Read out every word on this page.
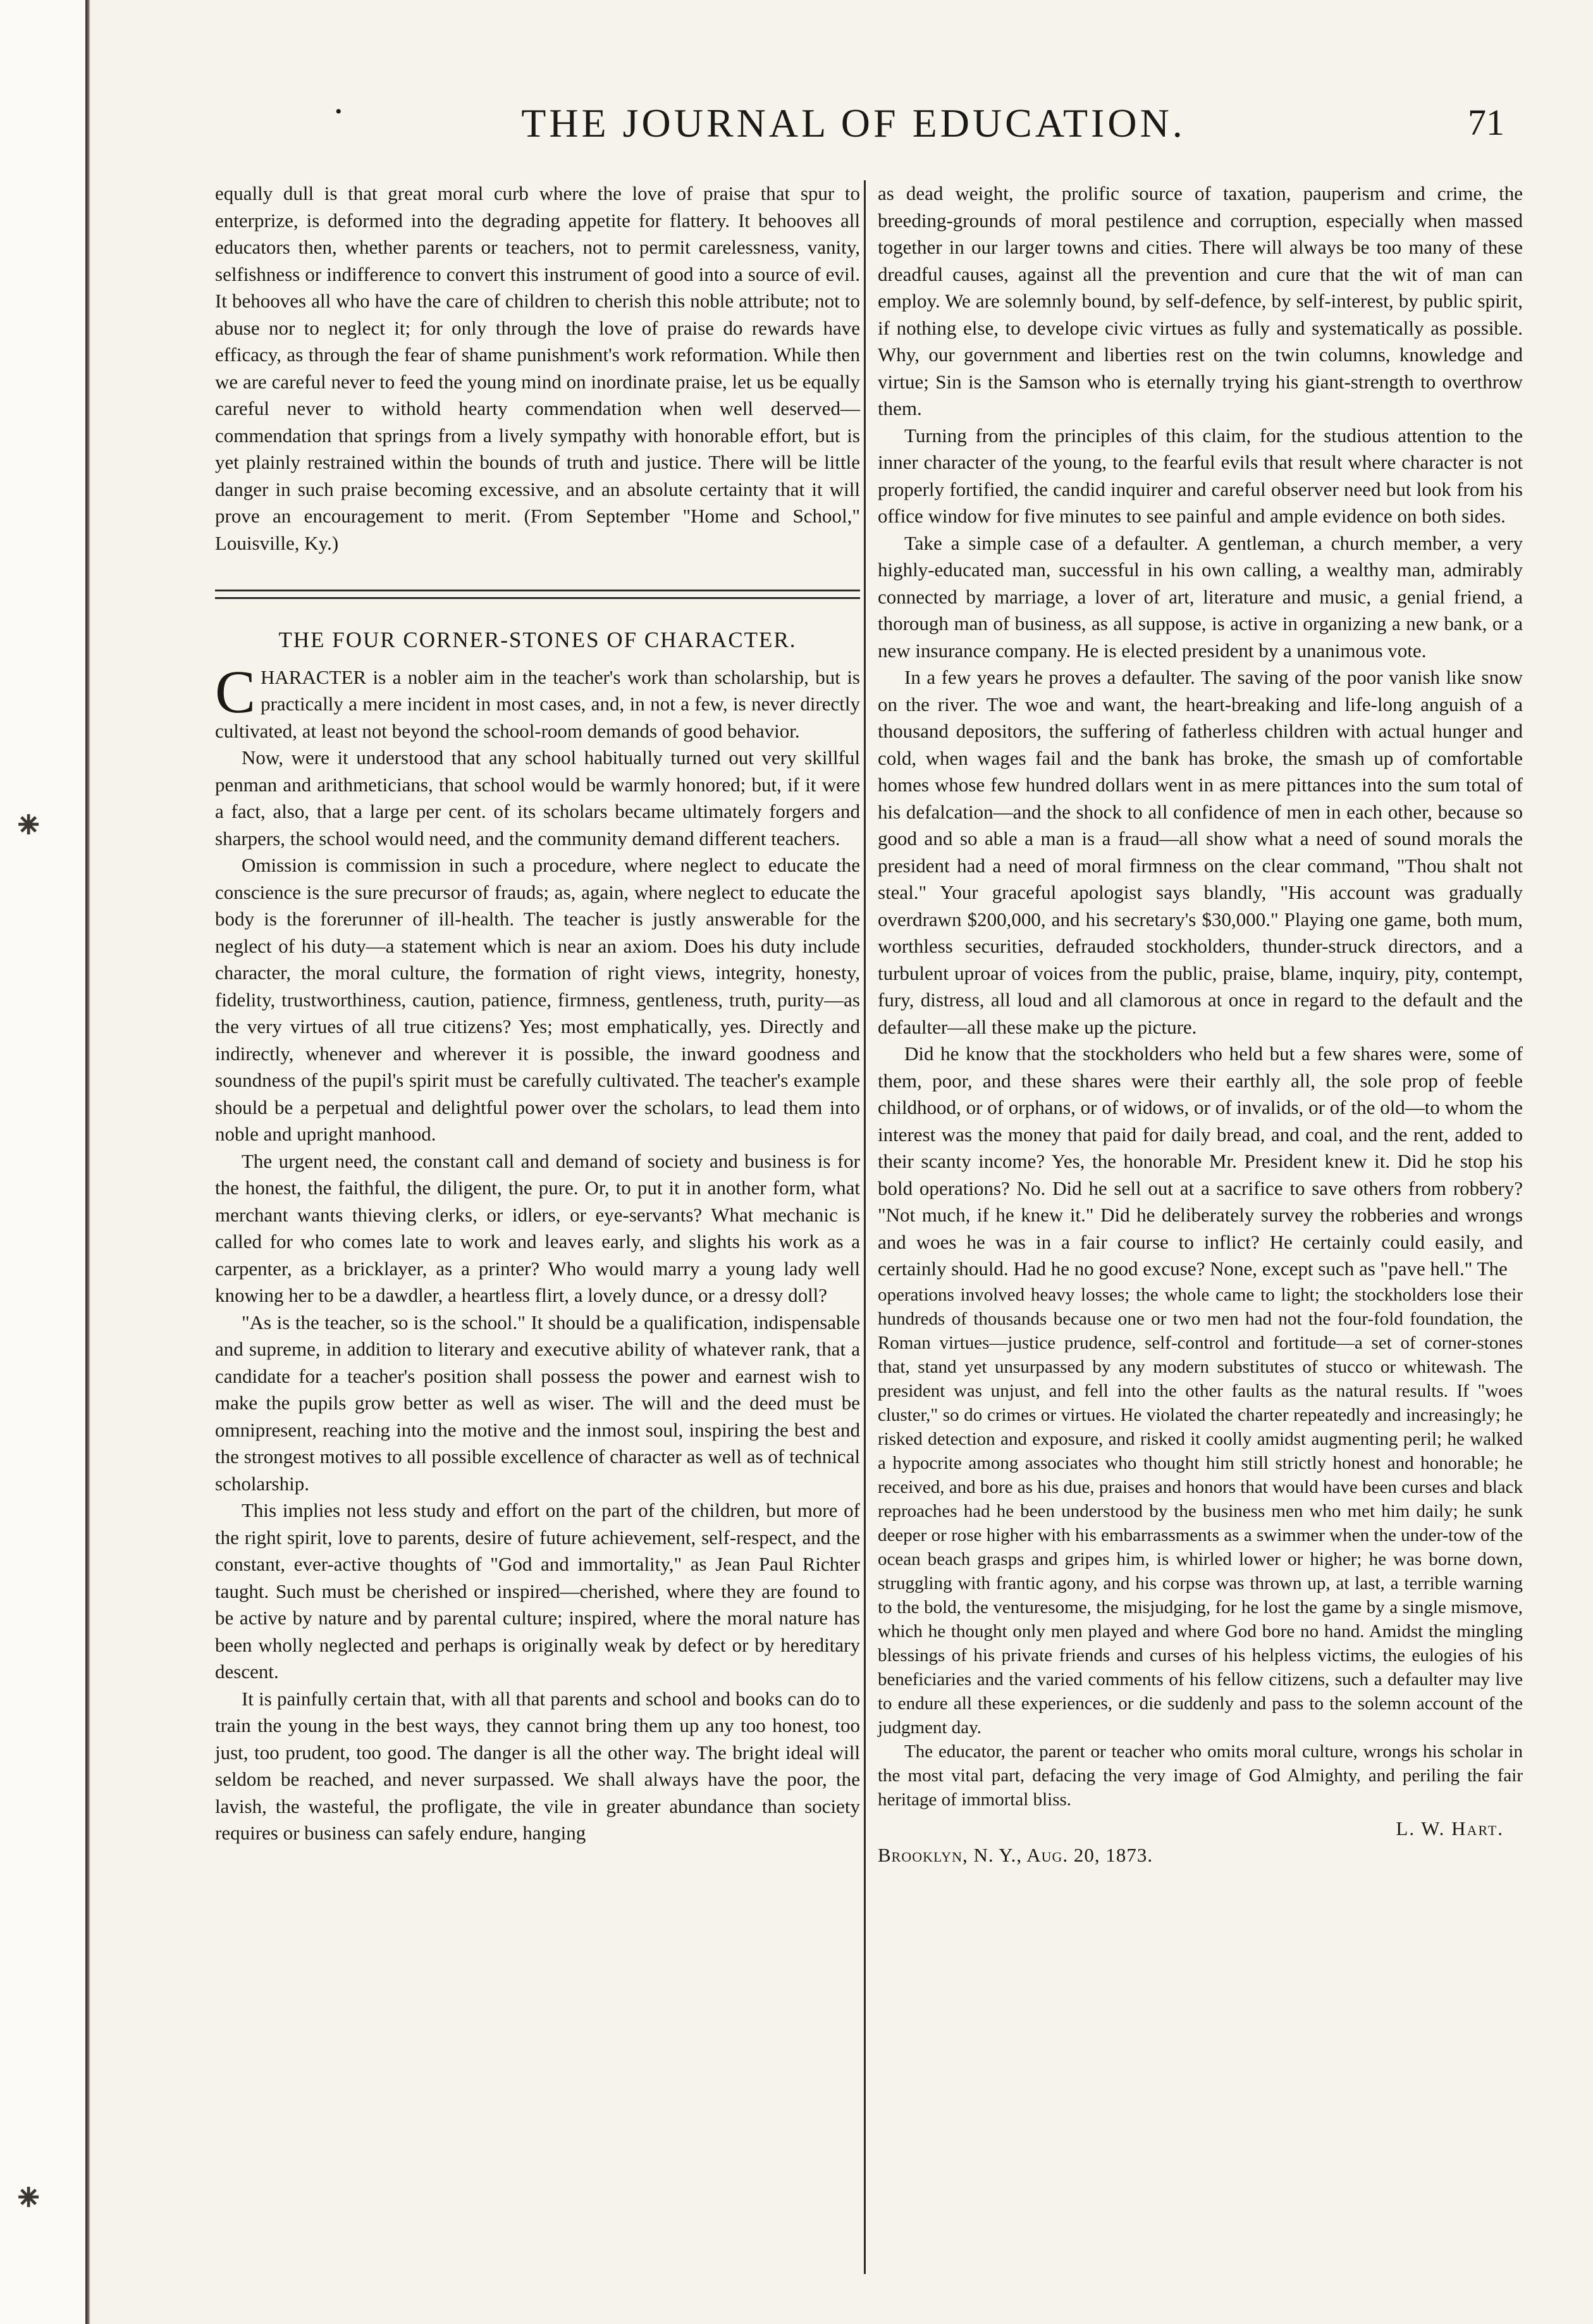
⁕
⁕
•	THE JOURNAL OF EDUCATION.	71

equally dull is that great moral curb where the love of praise that spur to enterprize, is deformed into the degrading appetite for flattery. It behooves all educators then, whether parents or teachers, not to permit carelessness, vanity, selfishness or indifference to convert this instrument of good into a source of evil. It behooves all who have the care of children to cherish this noble attribute; not to abuse nor to neglect it; for only through the love of praise do rewards have efficacy, as through the fear of shame punishment's work reformation. While then we are careful never to feed the young mind on inordinate praise, let us be equally careful never to withold hearty commendation when well deserved—commendation that springs from a lively sympathy with honorable effort, but is yet plainly restrained within the bounds of truth and justice. There will be little danger in such praise becoming excessive, and an absolute certainty that it will prove an encouragement to merit. (From September "Home and School," Louisville, Ky.)

THE FOUR CORNER-STONES OF CHARACTER.

CHARACTER is a nobler aim in the teacher's work than scholarship, but is practically a mere incident in most cases, and, in not a few, is never directly cultivated, at least not beyond the school-room demands of good behavior.

Now, were it understood that any school habitually turned out very skillful penman and arithmeticians, that school would be warmly honored; but, if it were a fact, also, that a large per cent. of its scholars became ultimately forgers and sharpers, the school would need, and the community demand different teachers.

Omission is commission in such a procedure, where neglect to educate the conscience is the sure precursor of frauds; as, again, where neglect to educate the body is the forerunner of ill-health. The teacher is justly answerable for the neglect of his duty—a statement which is near an axiom. Does his duty include character, the moral culture, the formation of right views, integrity, honesty, fidelity, trustworthiness, caution, patience, firmness, gentleness, truth, purity—as the very virtues of all true citizens? Yes; most emphatically, yes. Directly and indirectly, whenever and wherever it is possible, the inward goodness and soundness of the pupil's spirit must be carefully cultivated. The teacher's example should be a perpetual and delightful power over the scholars, to lead them into noble and upright manhood.

The urgent need, the constant call and demand of society and business is for the honest, the faithful, the diligent, the pure. Or, to put it in another form, what merchant wants thieving clerks, or idlers, or eye-servants? What mechanic is called for who comes late to work and leaves early, and slights his work as a carpenter, as a bricklayer, as a printer? Who would marry a young lady well knowing her to be a dawdler, a heartless flirt, a lovely dunce, or a dressy doll?

"As is the teacher, so is the school." It should be a qualification, indispensable and supreme, in addition to literary and executive ability of whatever rank, that a candidate for a teacher's position shall possess the power and earnest wish to make the pupils grow better as well as wiser. The will and the deed must be omnipresent, reaching into the motive and the inmost soul, inspiring the best and the strongest motives to all possible excellence of character as well as of technical scholarship.

This implies not less study and effort on the part of the children, but more of the right spirit, love to parents, desire of future achievement, self-respect, and the constant, ever-active thoughts of "God and immortality," as Jean Paul Richter taught. Such must be cherished or inspired—cherished, where they are found to be active by nature and by parental culture; inspired, where the moral nature has been wholly neglected and perhaps is originally weak by defect or by hereditary descent.

It is painfully certain that, with all that parents and school and books can do to train the young in the best ways, they cannot bring them up any too honest, too just, too prudent, too good. The danger is all the other way. The bright ideal will seldom be reached, and never surpassed. We shall always have the poor, the lavish, the wasteful, the profligate, the vile in greater abundance than society requires or business can safely endure, hanging

as dead weight, the prolific source of taxation, pauperism and crime, the breeding-grounds of moral pestilence and corruption, especially when massed together in our larger towns and cities. There will always be too many of these dreadful causes, against all the prevention and cure that the wit of man can employ. We are solemnly bound, by self-defence, by self-interest, by public spirit, if nothing else, to develope civic virtues as fully and systematically as possible. Why, our government and liberties rest on the twin columns, knowledge and virtue; Sin is the Samson who is eternally trying his giant-strength to overthrow them.

Turning from the principles of this claim, for the studious attention to the inner character of the young, to the fearful evils that result where character is not properly fortified, the candid inquirer and careful observer need but look from his office window for five minutes to see painful and ample evidence on both sides.

Take a simple case of a defaulter. A gentleman, a church member, a very highly-educated man, successful in his own calling, a wealthy man, admirably connected by marriage, a lover of art, literature and music, a genial friend, a thorough man of business, as all suppose, is active in organizing a new bank, or a new insurance company. He is elected president by a unanimous vote.

In a few years he proves a defaulter. The saving of the poor vanish like snow on the river. The woe and want, the heart-breaking and life-long anguish of a thousand depositors, the suffering of fatherless children with actual hunger and cold, when wages fail and the bank has broke, the smash up of comfortable homes whose few hundred dollars went in as mere pittances into the sum total of his defalcation—and the shock to all confidence of men in each other, because so good and so able a man is a fraud—all show what a need of sound morals the president had a need of moral firmness on the clear command, "Thou shalt not steal." Your graceful apologist says blandly, "His account was gradually overdrawn $200,000, and his secretary's $30,000." Playing one game, both mum, worthless securities, defrauded stockholders, thunder-struck directors, and a turbulent uproar of voices from the public, praise, blame, inquiry, pity, contempt, fury, distress, all loud and all clamorous at once in regard to the default and the defaulter—all these make up the picture.

Did he know that the stockholders who held but a few shares were, some of them, poor, and these shares were their earthly all, the sole prop of feeble childhood, or of orphans, or of widows, or of invalids, or of the old—to whom the interest was the money that paid for daily bread, and coal, and the rent, added to their scanty income? Yes, the honorable Mr. President knew it. Did he stop his bold operations? No. Did he sell out at a sacrifice to save others from robbery? "Not much, if he knew it." Did he deliberately survey the robberies and wrongs and woes he was in a fair course to inflict? He certainly could easily, and certainly should. Had he no good excuse? None, except such as "pave hell." The

operations involved heavy losses; the whole came to light; the stockholders lose their hundreds of thousands because one or two men had not the four-fold foundation, the Roman virtues—justice prudence, self-control and fortitude—a set of corner-stones that, stand yet unsurpassed by any modern substitutes of stucco or whitewash. The president was unjust, and fell into the other faults as the natural results. If "woes cluster," so do crimes or virtues. He violated the charter repeatedly and increasingly; he risked detection and exposure, and risked it coolly amidst augmenting peril; he walked a hypocrite among associates who thought him still strictly honest and honorable; he received, and bore as his due, praises and honors that would have been curses and black reproaches had he been understood by the business men who met him daily; he sunk deeper or rose higher with his embarrassments as a swimmer when the under-tow of the ocean beach grasps and gripes him, is whirled lower or higher; he was borne down, struggling with frantic agony, and his corpse was thrown up, at last, a terrible warning to the bold, the venturesome, the misjudging, for he lost the game by a single mismove, which he thought only men played and where God bore no hand. Amidst the mingling blessings of his private friends and curses of his helpless victims, the eulogies of his beneficiaries and the varied comments of his fellow citizens, such a defaulter may live to endure all these experiences, or die suddenly and pass to the solemn account of the judgment day.

The educator, the parent or teacher who omits moral culture, wrongs his scholar in the most vital part, defacing the very image of God Almighty, and periling the fair heritage of immortal bliss.

L. W. Hart.

Brooklyn, N. Y., Aug. 20, 1873.
